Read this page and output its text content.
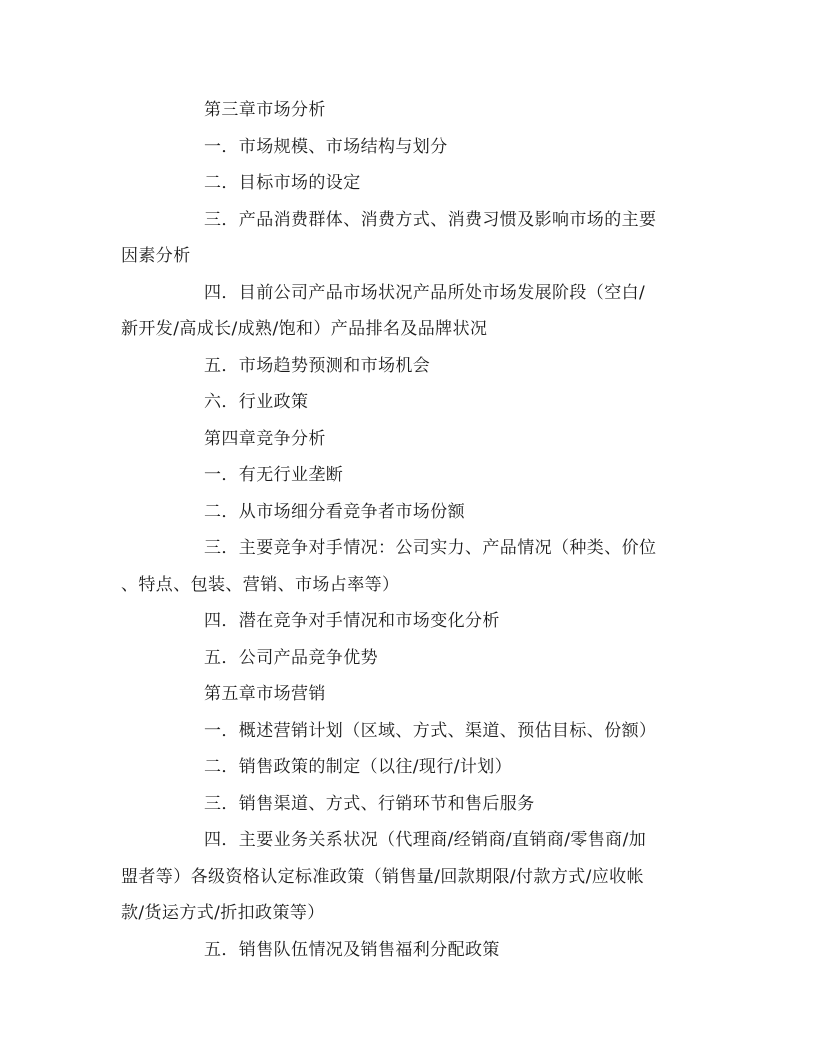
第三章市场分析
一．市场规模、市场结构与划分
二．目标市场的设定
三．产品消费群体、消费方式、消费习惯及影响市场的主要
因素分析
四．目前公司产品市场状况产品所处市场发展阶段（空白/
新开发/高成长/成熟/饱和）产品排名及品牌状况
五．市场趋势预测和市场机会
六．行业政策
第四章竞争分析
一．有无行业垄断
二．从市场细分看竞争者市场份额
三．主要竞争对手情况：公司实力、产品情况（种类、价位
、特点、包装、营销、市场占率等）
四．潜在竞争对手情况和市场变化分析
五．公司产品竞争优势
第五章市场营销
一．概述营销计划（区域、方式、渠道、预估目标、份额）
二．销售政策的制定（以往/现行/计划）
三．销售渠道、方式、行销环节和售后服务
四．主要业务关系状况（代理商/经销商/直销商/零售商/加
盟者等）各级资格认定标准政策（销售量/回款期限/付款方式/应收帐
款/货运方式/折扣政策等）
五．销售队伍情况及销售福利分配政策
